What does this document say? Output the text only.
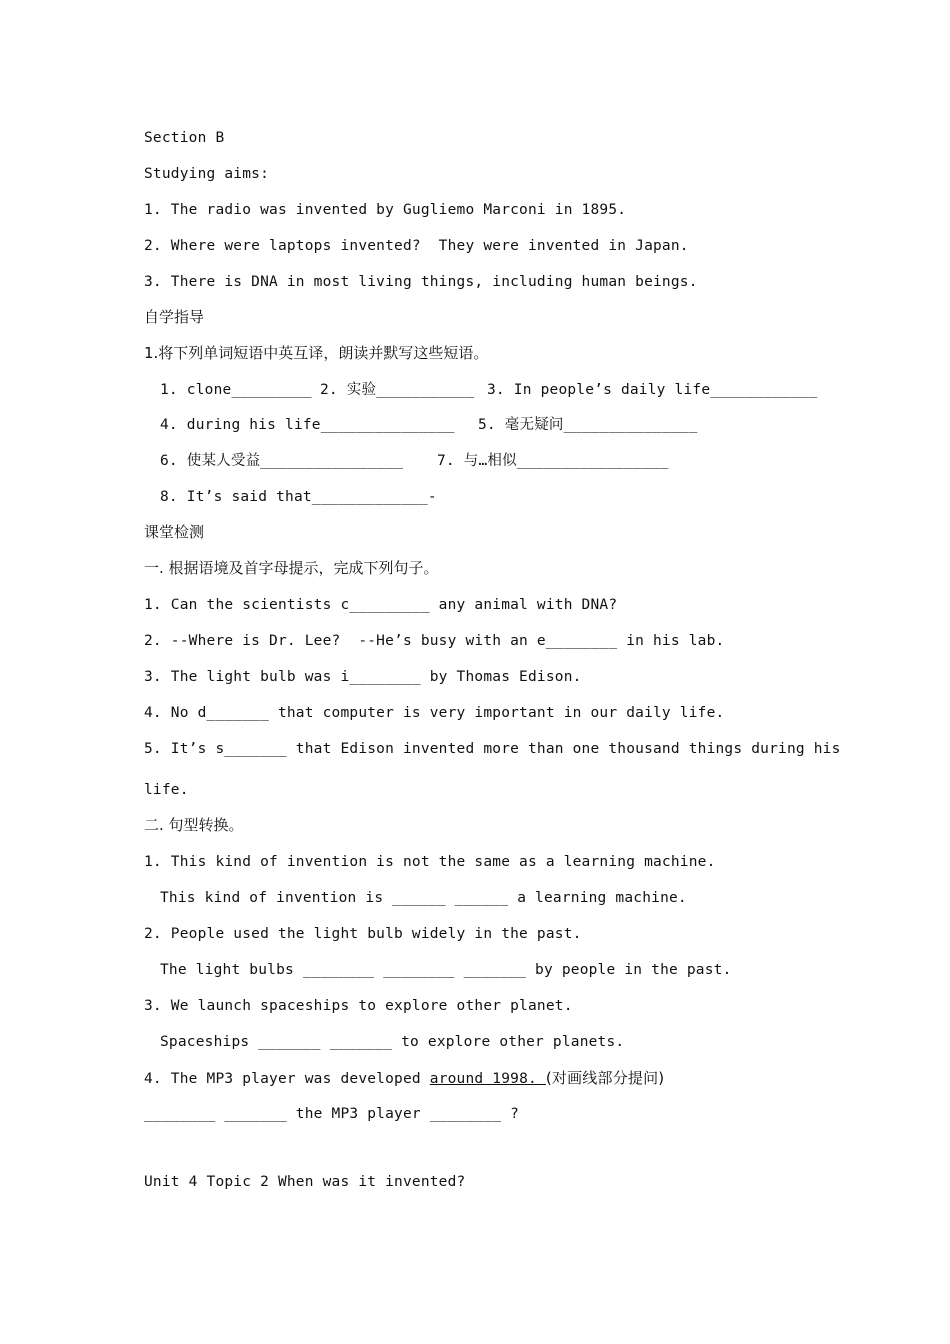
Section B
Studying aims:
1. The radio was invented by Gugliemo Marconi in 1895.
2. Where were laptops invented?  They were invented in Japan.
3. There is DNA in most living things, including human beings.
自学指导
1.将下列单词短语中英互译，朗读并默写这些短语。
1. clone_________ 2. 实验___________ 3. In people’s daily life____________
4. during his life_______________ 5. 毫无疑问_______________
6. 使某人受益________________ 7. 与…相似_________________
8. It’s said that_____________-
课堂检测
一. 根据语境及首字母提示，完成下列句子。
1. Can the scientists c_________ any animal with DNA?
2. --Where is Dr. Lee?  --He’s busy with an e________ in his lab.
3. The light bulb was i________ by Thomas Edison.
4. No d_______ that computer is very important in our daily life.
5. It’s s_______ that Edison invented more than one thousand things during his
life.
二. 句型转换。
1. This kind of invention is not the same as a learning machine.
This kind of invention is ______ ______ a learning machine.
2. People used the light bulb widely in the past.
The light bulbs ________ ________ _______ by people in the past.
3. We launch spaceships to explore other planet.
Spaceships _______ _______ to explore other planets.
4. The MP3 player was developed around 1998. (对画线部分提问)
________ _______ the MP3 player ________ ?
Unit 4 Topic 2 When was it invented?
